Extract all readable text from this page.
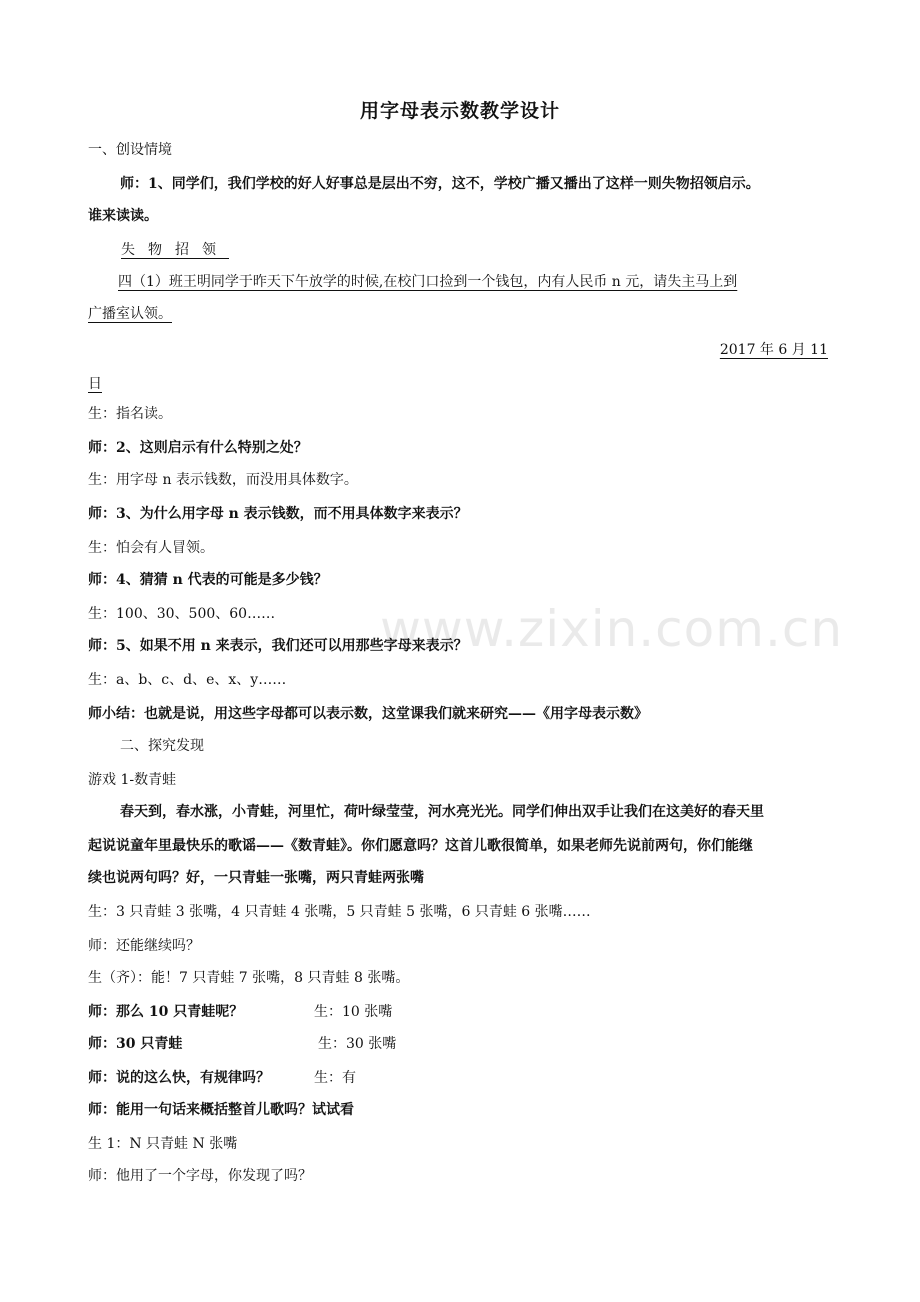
www.zixin.com.cn
用字母表示数教学设计
一、创设情境
师：1、同学们，我们学校的好人好事总是层出不穷，这不，学校广播又播出了这样一则失物招领启示。
谁来读读。
失物招领
四（1）班王明同学于昨天下午放学的时候,在校门口捡到一个钱包，内有人民币 n 元，请失主马上到
广播室认领。
2017 年 6 月 11
日
生：指名读。
师：2、这则启示有什么特别之处？
生：用字母 n 表示钱数，而没用具体数字。
师：3、为什么用字母 n 表示钱数，而不用具体数字来表示？
生：怕会有人冒领。
师：4、猜猜 n 代表的可能是多少钱？
生：100、30、500、60……
师：5、如果不用 n 来表示，我们还可以用那些字母来表示？
生：a、b、c、d、e、x、y……
师小结：也就是说，用这些字母都可以表示数，这堂课我们就来研究——《用字母表示数》
二、探究发现
游戏 1-数青蛙
春天到，春水涨，小青蛙，河里忙，荷叶绿莹莹，河水亮光光。同学们伸出双手让我们在这美好的春天里
起说说童年里最快乐的歌谣——《数青蛙》。你们愿意吗？这首儿歌很简单，如果老师先说前两句，你们能继
续也说两句吗？好，一只青蛙一张嘴，两只青蛙两张嘴
生：3 只青蛙 3 张嘴，4 只青蛙 4 张嘴，5 只青蛙 5 张嘴，6 只青蛙 6 张嘴……
师：还能继续吗？
生（齐）：能！7 只青蛙 7 张嘴，8 只青蛙 8 张嘴。
师：那么 10 只青蛙呢？	生：10 张嘴
师：30 只青蛙	生：30 张嘴
师：说的这么快，有规律吗？	生：有
师：能用一句话来概括整首儿歌吗？试试看
生 1：N 只青蛙 N 张嘴
师：他用了一个字母，你发现了吗？
